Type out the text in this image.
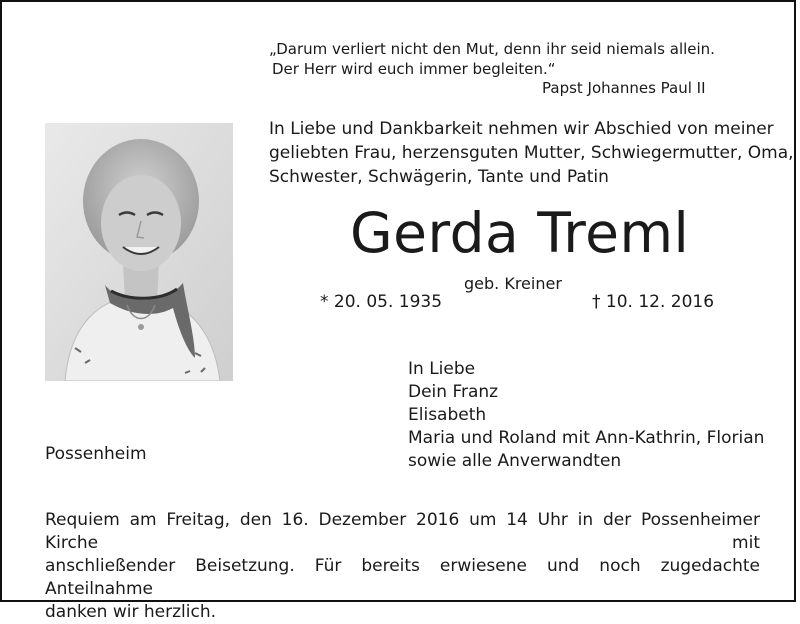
„Darum verliert nicht den Mut, denn ihr seid niemals allein.
Der Herr wird euch immer begleiten.“
Papst Johannes Paul II
In Liebe und Dankbarkeit nehmen wir Abschied von meiner
geliebten Frau, herzensguten Mutter, Schwiegermutter, Oma,
Schwester, Schwägerin, Tante und Patin
Gerda Treml
geb. Kreiner
* 20. 05. 1935	† 10. 12. 2016
In Liebe
Dein Franz
Elisabeth
Maria und Roland mit Ann-Kathrin, Florian
sowie alle Anverwandten
Possenheim
Requiem am Freitag, den 16. Dezember 2016 um 14 Uhr in der Possenheimer Kirche mit
anschließender Beisetzung. Für bereits erwiesene und noch zugedachte Anteilnahme
danken wir herzlich.
